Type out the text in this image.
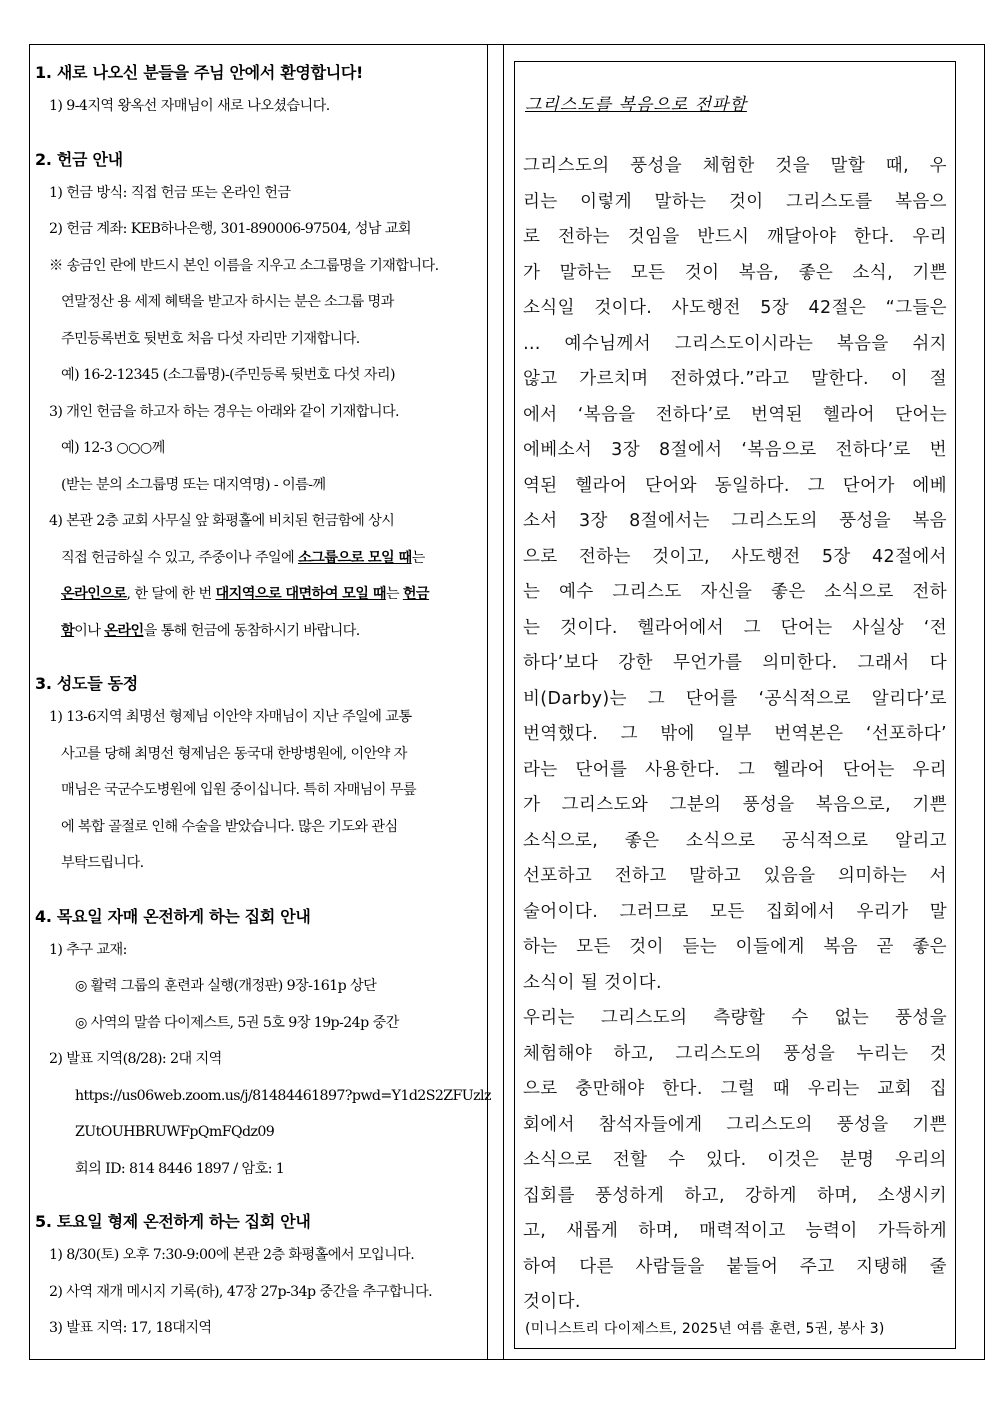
1. 새로 나오신 분들을 주님 안에서 환영합니다!
1) 9-4지역 왕옥선 자매님이 새로 나오셨습니다.
2. 헌금 안내
1) 헌금 방식: 직접 헌금 또는 온라인 헌금
2) 헌금 계좌: KEB하나은행, 301-890006-97504, 성남 교회
※ 송금인 란에 반드시 본인 이름을 지우고 소그룹명을 기재합니다.
연말정산 용 세제 혜택을 받고자 하시는 분은 소그룹 명과
주민등록번호 뒷번호 처음 다섯 자리만 기재합니다.
예) 16-2-12345 (소그룹명)-(주민등록 뒷번호 다섯 자리)
3) 개인 헌금을 하고자 하는 경우는 아래와 같이 기재합니다.
예) 12-3 ○○○께
(받는 분의 소그룹명 또는 대지역명) - 이름-께
4) 본관 2층 교회 사무실 앞 화평홀에 비치된 헌금함에 상시
직접 헌금하실 수 있고, 주중이나 주일에 소그룹으로 모일 때는
온라인으로, 한 달에 한 번 대지역으로 대면하여 모일 때는 헌금
함이나 온라인을 통해 헌금에 동참하시기 바랍니다.
3. 성도들 동정
1) 13-6지역 최명선 형제님 이안약 자매님이 지난 주일에 교통
사고를 당해 최명선 형제님은 동국대 한방병원에, 이안약 자
매님은 국군수도병원에 입원 중이십니다. 특히 자매님이 무릎
에 복합 골절로 인해 수술을 받았습니다. 많은 기도와 관심
부탁드립니다.
4. 목요일 자매 온전하게 하는 집회 안내
1) 추구 교재:
◎ 활력 그룹의 훈련과 실행(개정판) 9장-161p 상단
◎ 사역의 말씀 다이제스트, 5권 5호 9장 19p-24p 중간
2) 발표 지역(8/28): 2대 지역
https://us06web.zoom.us/j/81484461897?pwd=Y1d2S2ZFUzlz
ZUtOUHBRUWFpQmFQdz09
회의 ID: 814 8446 1897 / 암호: 1
5. 토요일 형제 온전하게 하는 집회 안내
1) 8/30(토) 오후 7:30-9:00에 본관 2층 화평홀에서 모입니다.
2) 사역 재개 메시지 기록(하), 47장 27p-34p 중간을 추구합니다.
3) 발표 지역: 17, 18대지역
그리스도를 복음으로 전파함
그리스도의 풍성을 체험한 것을 말할 때, 우
리는 이렇게 말하는 것이 그리스도를 복음으
로 전하는 것임을 반드시 깨달아야 한다. 우리
가 말하는 모든 것이 복음, 좋은 소식, 기쁜
소식일 것이다. 사도행전 5장 42절은 “그들은
… 예수님께서 그리스도이시라는 복음을 쉬지
않고 가르치며 전하였다.”라고 말한다. 이 절
에서 ‘복음을 전하다’로 번역된 헬라어 단어는
에베소서 3장 8절에서 ‘복음으로 전하다’로 번
역된 헬라어 단어와 동일하다. 그 단어가 에베
소서 3장 8절에서는 그리스도의 풍성을 복음
으로 전하는 것이고, 사도행전 5장 42절에서
는 예수 그리스도 자신을 좋은 소식으로 전하
는 것이다. 헬라어에서 그 단어는 사실상 ‘전
하다’보다 강한 무언가를 의미한다. 그래서 다
비(Darby)는 그 단어를 ‘공식적으로 알리다’로
번역했다. 그 밖에 일부 번역본은 ‘선포하다’
라는 단어를 사용한다. 그 헬라어 단어는 우리
가 그리스도와 그분의 풍성을 복음으로, 기쁜
소식으로, 좋은 소식으로 공식적으로 알리고
선포하고 전하고 말하고 있음을 의미하는 서
술어이다. 그러므로 모든 집회에서 우리가 말
하는 모든 것이 듣는 이들에게 복음 곧 좋은
소식이 될 것이다.
우리는 그리스도의 측량할 수 없는 풍성을
체험해야 하고, 그리스도의 풍성을 누리는 것
으로 충만해야 한다. 그럴 때 우리는 교회 집
회에서 참석자들에게 그리스도의 풍성을 기쁜
소식으로 전할 수 있다. 이것은 분명 우리의
집회를 풍성하게 하고, 강하게 하며, 소생시키
고, 새롭게 하며, 매력적이고 능력이 가득하게
하여 다른 사람들을 붙들어 주고 지탱해 줄
것이다.
(미니스트리 다이제스트, 2025년 여름 훈련, 5권, 봉사 3)
